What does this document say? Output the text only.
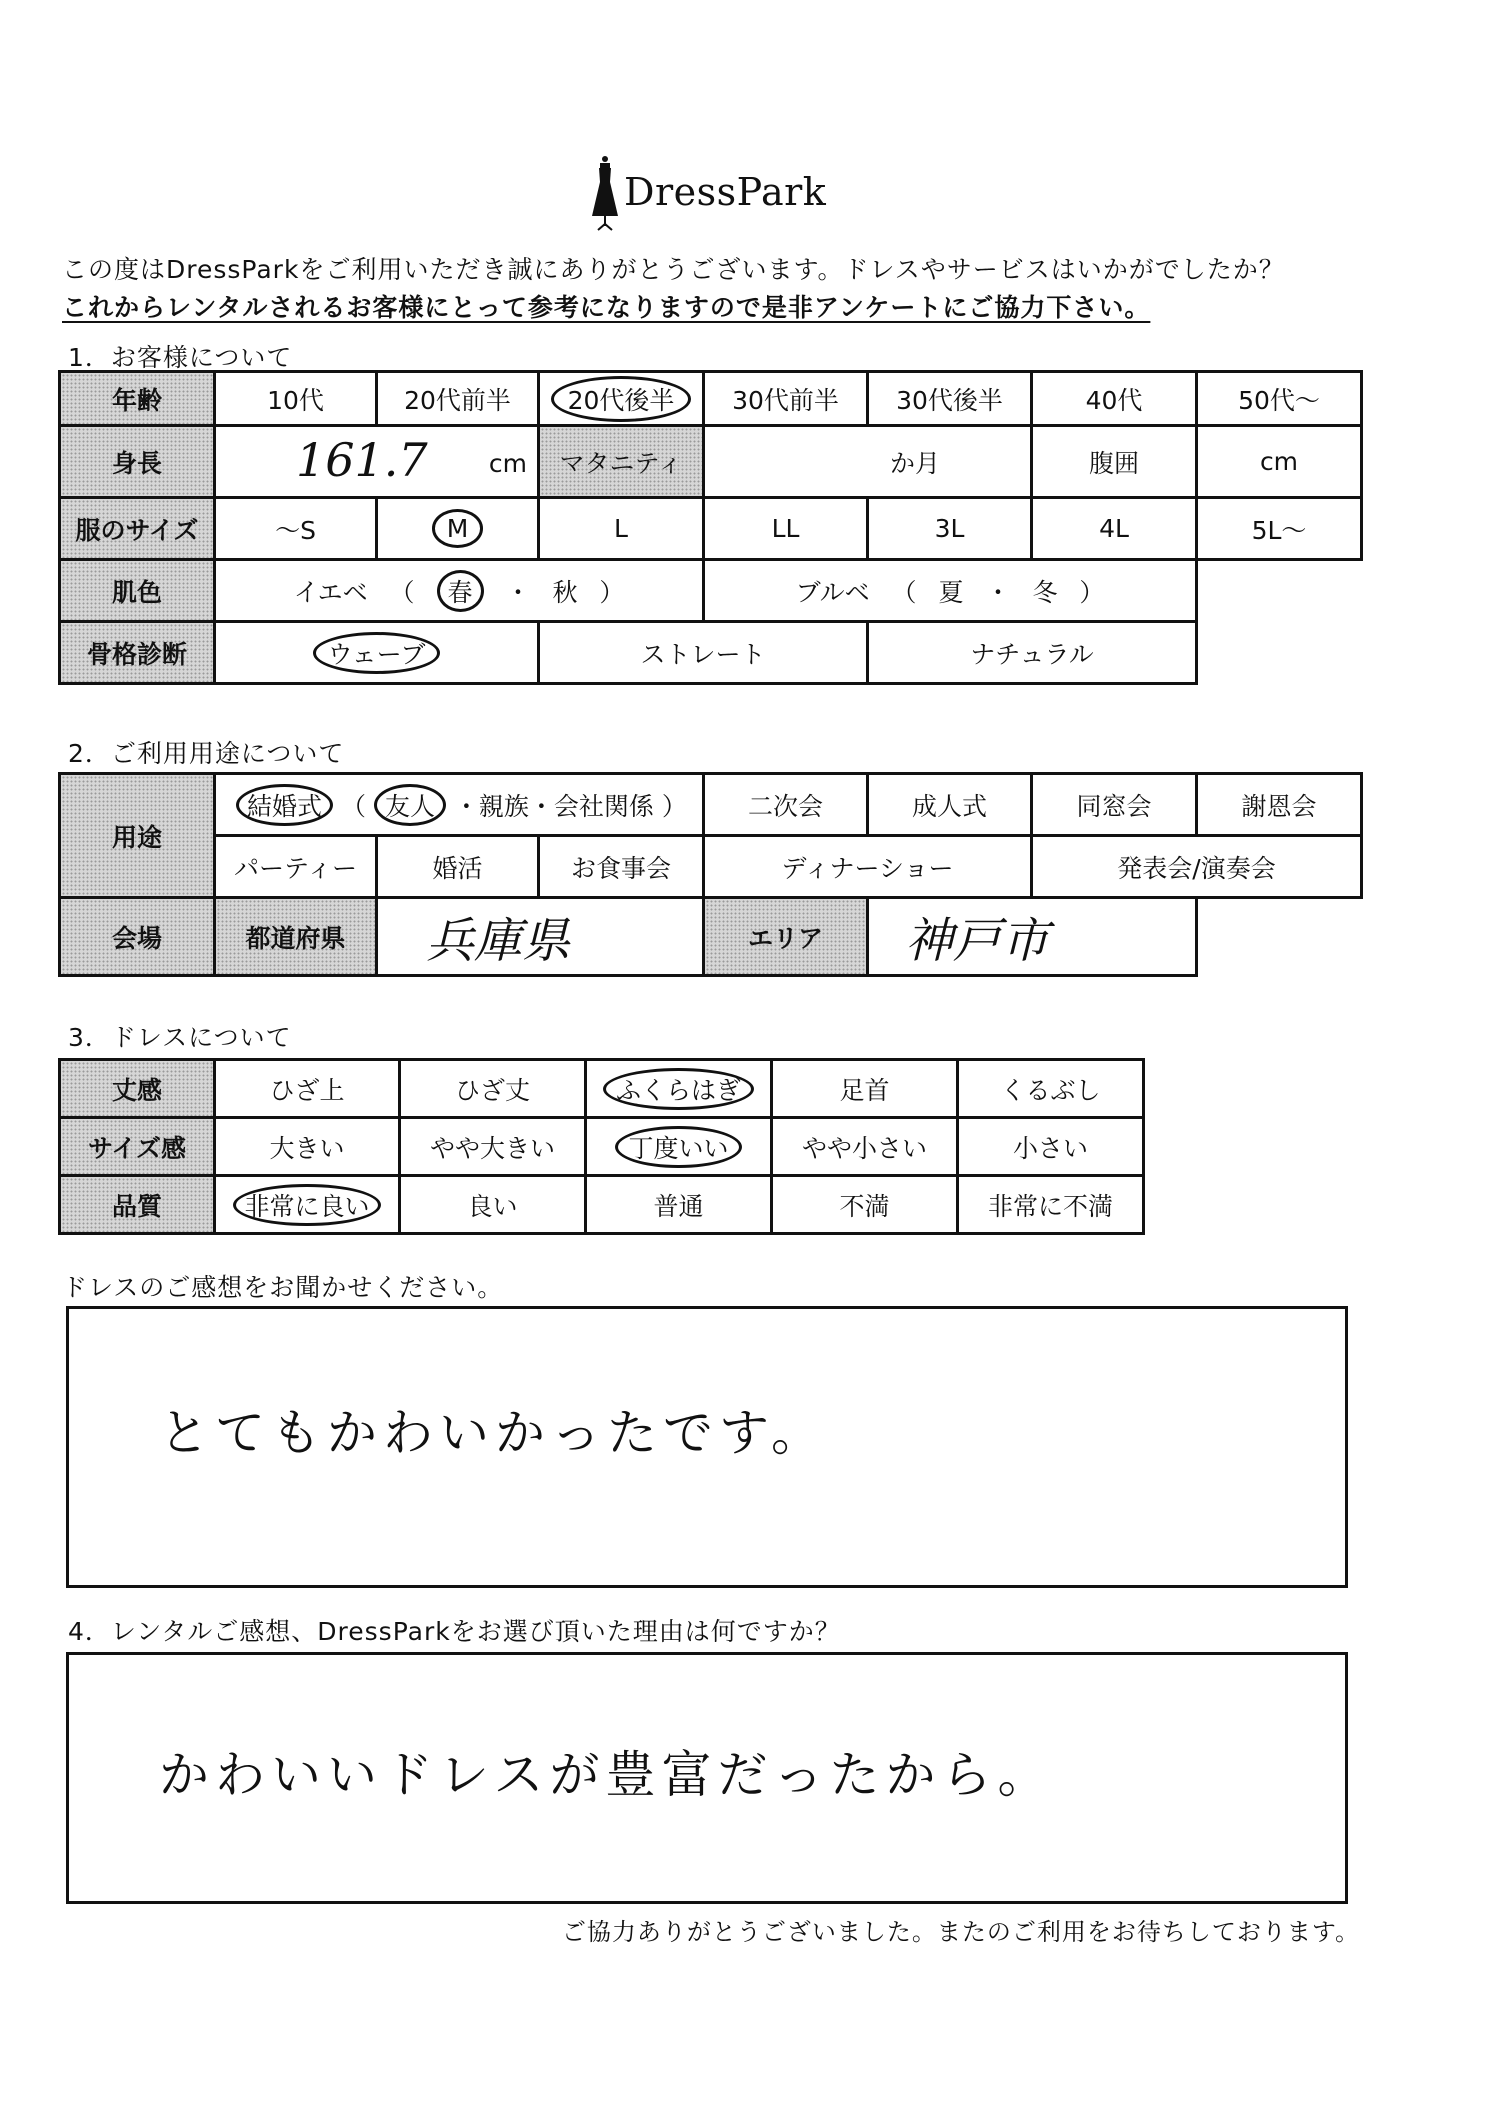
DressPark
この度はDressParkをご利用いただき誠にありがとうございます。ドレスやサービスはいかがでしたか？
これからレンタルされるお客様にとって参考になりますので是非アンケートにご協力下さい。
1．お客様について
年齢	10代	20代前半	20代後半	30代前半	30代後半	40代	50代～
身長	161.7 cm		マタニティ	か月		腹囲	cm
服のサイズ	～S	M	L	LL	3L	4L	5L～
肌色	イエベ （ 春 ・ 秋 ）			ブルベ （ 夏 ・ 冬 ）			
骨格診断	ウェーブ		ストレート		ナチュラル		
2．ご利用用途について
用途	結婚式 （ 友人 ・親族・会社関係 ）			二次会	成人式	同窓会	謝恩会
	パーティー	婚活	お食事会	ディナーショー		発表会/演奏会	
会場	都道府県	兵庫県		エリア	神戸市		
3．ドレスについて
丈感	ひざ上	ひざ丈	ふくらはぎ	足首	くるぶし
サイズ感	大きい	やや大きい	丁度いい	やや小さい	小さい
品質	非常に良い	良い	普通	不満	非常に不満
ドレスのご感想をお聞かせください。
とてもかわいかったです。
4．レンタルご感想、DressParkをお選び頂いた理由は何ですか？
かわいいドレスが豊富だったから。
ご協力ありがとうございました。またのご利用をお待ちしております。
